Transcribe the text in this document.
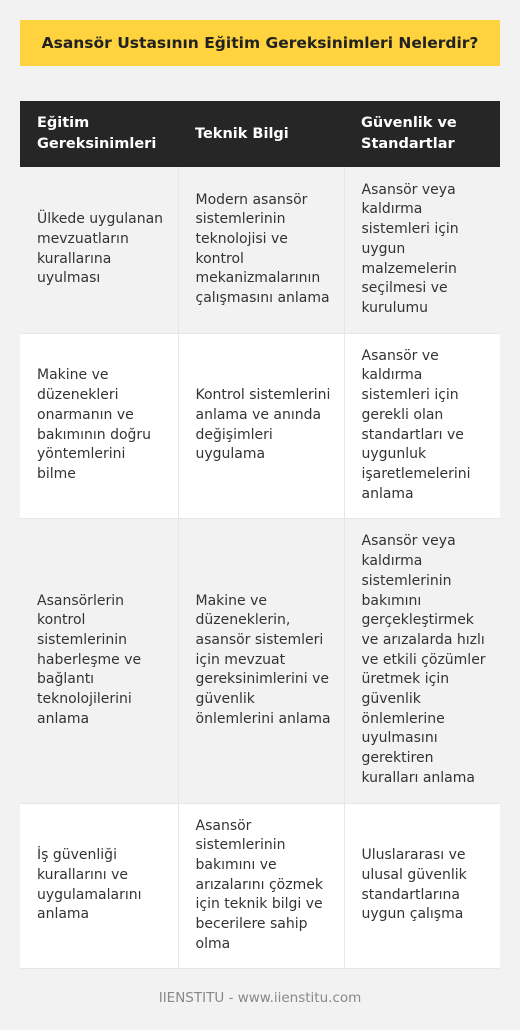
Asansör Ustasının Eğitim Gereksinimleri Nelerdir?
Eğitim Gereksinimleri	Teknik Bilgi	Güvenlik ve Standartlar
Ülkede uygulanan mevzuatların kurallarına uyulması	Modern asansör sistemlerinin teknolojisi ve kontrol mekanizmalarının çalışmasını anlama	Asansör veya kaldırma sistemleri için uygun malzemelerin seçilmesi ve kurulumu
Makine ve düzenekleri onarmanın ve bakımının doğru yöntemlerini bilme	Kontrol sistemlerini anlama ve anında değişimleri uygulama	Asansör ve kaldırma sistemleri için gerekli olan standartları ve uygunluk işaretlemelerini anlama
Asansörlerin kontrol sistemlerinin haberleşme ve bağlantı teknolojilerini anlama	Makine ve düzeneklerin, asansör sistemleri için mevzuat gereksinimlerini ve güvenlik önlemlerini anlama	Asansör veya kaldırma sistemlerinin bakımını gerçekleştirmek ve arızalarda hızlı ve etkili çözümler üretmek için güvenlik önlemlerine uyulmasını gerektiren kuralları anlama
İş güvenliği kurallarını ve uygulamalarını anlama	Asansör sistemlerinin bakımını ve arızalarını çözmek için teknik bilgi ve becerilere sahip olma	Uluslararası ve ulusal güvenlik standartlarına uygun çalışma
IIENSTITU - www.iienstitu.com
